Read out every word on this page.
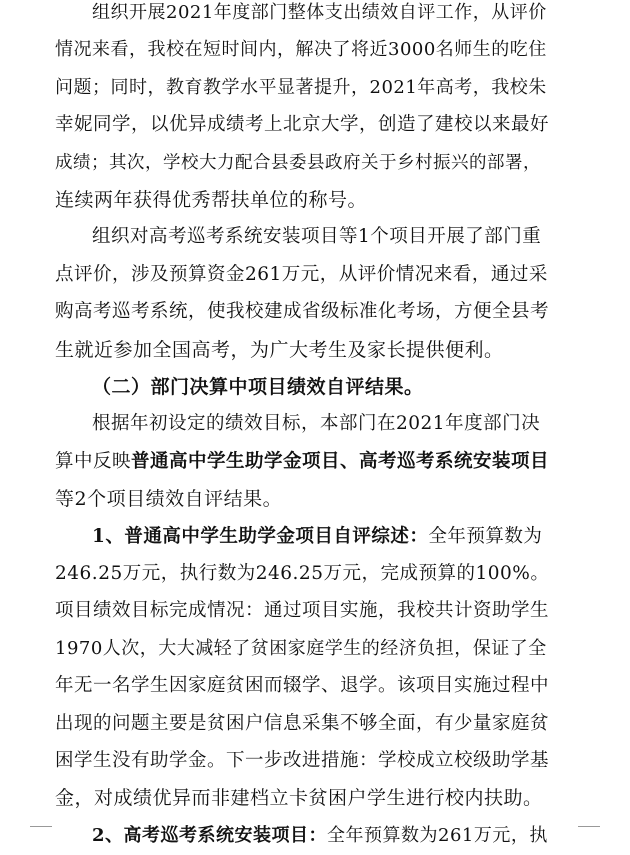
组织开展2021年度部门整体支出绩效自评工作，从评价
情况来看，我校在短时间内，解决了将近3000名师生的吃住
问题；同时，教育教学水平显著提升，2021年高考，我校朱
幸妮同学，以优异成绩考上北京大学，创造了建校以来最好
成绩；其次，学校大力配合县委县政府关于乡村振兴的部署，
连续两年获得优秀帮扶单位的称号。
组织对高考巡考系统安装项目等1个项目开展了部门重
点评价，涉及预算资金261万元，从评价情况来看，通过采
购高考巡考系统，使我校建成省级标准化考场，方便全县考
生就近参加全国高考，为广大考生及家长提供便利。
（二）部门决算中项目绩效自评结果。
根据年初设定的绩效目标，本部门在2021年度部门决
算中反映普通高中学生助学金项目、高考巡考系统安装项目
等2个项目绩效自评结果。
1、普通高中学生助学金项目自评综述：全年预算数为
246.25万元，执行数为246.25万元，完成预算的100%。
项目绩效目标完成情况：通过项目实施，我校共计资助学生
1970人次，大大减轻了贫困家庭学生的经济负担，保证了全
年无一名学生因家庭贫困而辍学、退学。该项目实施过程中
出现的问题主要是贫困户信息采集不够全面，有少量家庭贫
困学生没有助学金。下一步改进措施：学校成立校级助学基
金，对成绩优异而非建档立卡贫困户学生进行校内扶助。
2、高考巡考系统安装项目：全年预算数为261万元，执
